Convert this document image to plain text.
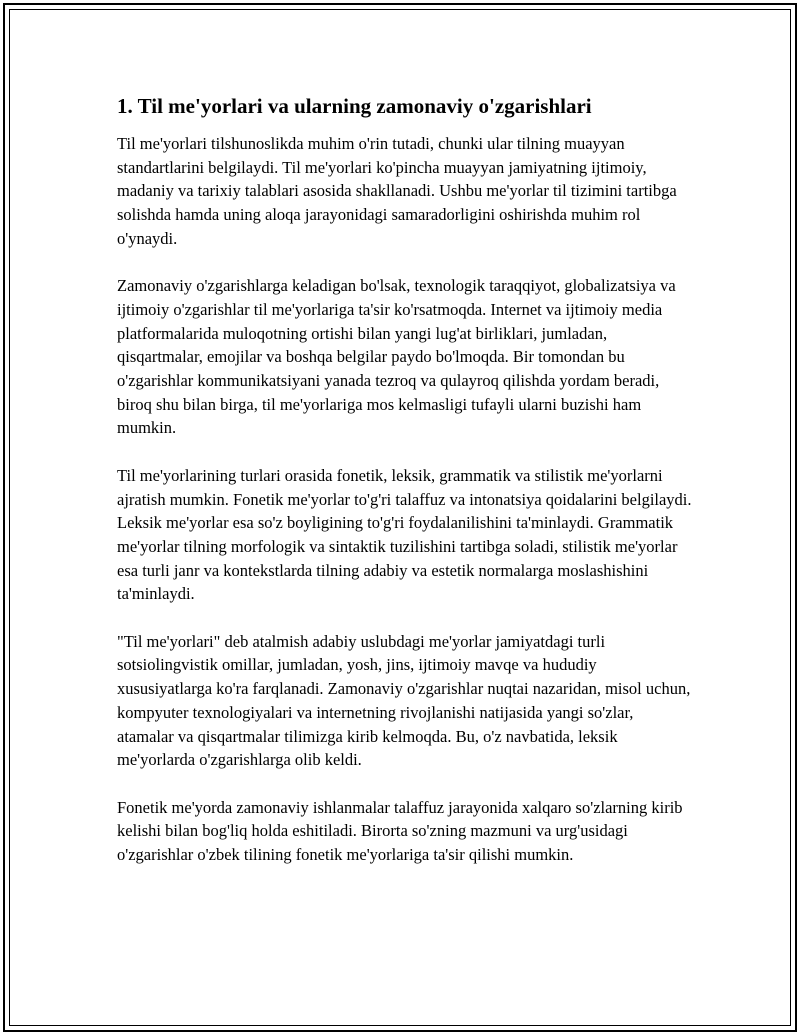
1. Til me'yorlari va ularning zamonaviy o'zgarishlari

Til me'yorlari tilshunoslikda muhim o'rin tutadi, chunki ular tilning muayyan standartlarini belgilaydi. Til me'yorlari ko'pincha muayyan jamiyatning ijtimoiy, madaniy va tarixiy talablari asosida shakllanadi. Ushbu me'yorlar til tizimini tartibga solishda hamda uning aloqa jarayonidagi samaradorligini oshirishda muhim rol o'ynaydi.

Zamonaviy o'zgarishlarga keladigan bo'lsak, texnologik taraqqiyot, globalizatsiya va ijtimoiy o'zgarishlar til me'yorlariga ta'sir ko'rsatmoqda. Internet va ijtimoiy media platformalarida muloqotning ortishi bilan yangi lug'at birliklari, jumladan, qisqartmalar, emojilar va boshqa belgilar paydo bo'lmoqda. Bir tomondan bu o'zgarishlar kommunikatsiyani yanada tezroq va qulayroq qilishda yordam beradi, biroq shu bilan birga, til me'yorlariga mos kelmasligi tufayli ularni buzishi ham mumkin.

Til me'yorlarining turlari orasida fonetik, leksik, grammatik va stilistik me'yorlarni ajratish mumkin. Fonetik me'yorlar to'g'ri talaffuz va intonatsiya qoidalarini belgilaydi. Leksik me'yorlar esa so'z boyligining to'g'ri foydalanilishini ta'minlaydi. Grammatik me'yorlar tilning morfologik va sintaktik tuzilishini tartibga soladi, stilistik me'yorlar esa turli janr va kontekstlarda tilning adabiy va estetik normalarga moslashishini ta'minlaydi.

"Til me'yorlari" deb atalmish adabiy uslubdagi me'yorlar jamiyatdagi turli sotsiolingvistik omillar, jumladan, yosh, jins, ijtimoiy mavqe va hududiy xususiyatlarga ko'ra farqlanadi. Zamonaviy o'zgarishlar nuqtai nazaridan, misol uchun, kompyuter texnologiyalari va internetning rivojlanishi natijasida yangi so'zlar, atamalar va qisqartmalar tilimizga kirib kelmoqda. Bu, o'z navbatida, leksik me'yorlarda o'zgarishlarga olib keldi.

Fonetik me'yorda zamonaviy ishlanmalar talaffuz jarayonida xalqaro so'zlarning kirib kelishi bilan bog'liq holda eshitiladi. Birorta so'zning mazmuni va urg'usidagi o'zgarishlar o'zbek tilining fonetik me'yorlariga ta'sir qilishi mumkin.
